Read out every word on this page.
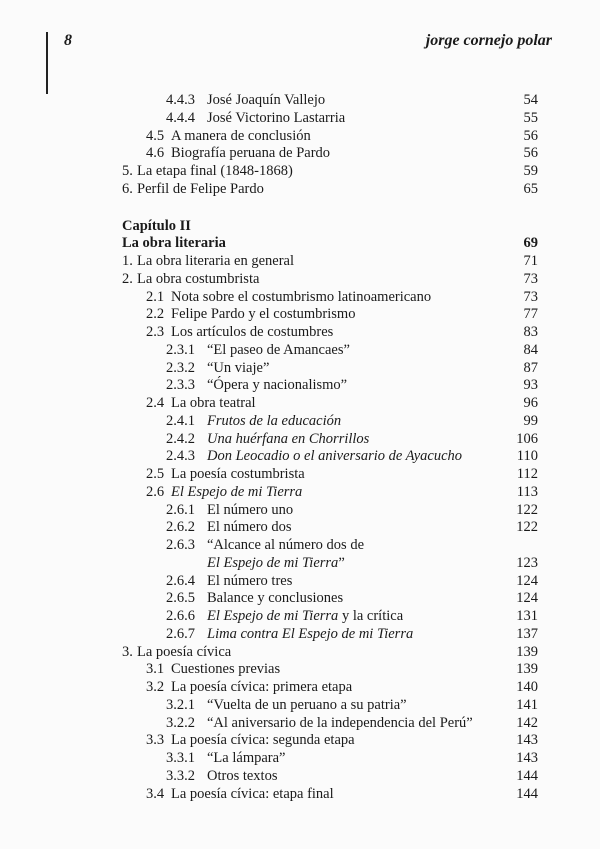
8	jorge cornejo polar
4.4.3 José Joaquín Vallejo	54
4.4.4 José Victorino Lastarria	55
4.5 A manera de conclusión	56
4.6 Biografía peruana de Pardo	56
5. La etapa final (1848-1868)	59
6. Perfil de Felipe Pardo	65
Capítulo II
La obra literaria	69
1. La obra literaria en general	71
2. La obra costumbrista	73
2.1 Nota sobre el costumbrismo latinoamericano	73
2.2 Felipe Pardo y el costumbrismo	77
2.3 Los artículos de costumbres	83
2.3.1 “El paseo de Amancaes”	84
2.3.2 “Un viaje”	87
2.3.3 “Ópera y nacionalismo”	93
2.4 La obra teatral	96
2.4.1 Frutos de la educación	99
2.4.2 Una huérfana en Chorrillos	106
2.4.3 Don Leocadio o el aniversario de Ayacucho	110
2.5 La poesía costumbrista	112
2.6 El Espejo de mi Tierra	113
2.6.1 El número uno	122
2.6.2 El número dos	122
2.6.3 “Alcance al número dos de
El Espejo de mi Tierra”	123
2.6.4 El número tres	124
2.6.5 Balance y conclusiones	124
2.6.6 El Espejo de mi Tierra y la crítica	131
2.6.7 Lima contra El Espejo de mi Tierra	137
3. La poesía cívica	139
3.1 Cuestiones previas	139
3.2 La poesía cívica: primera etapa	140
3.2.1 “Vuelta de un peruano a su patria”	141
3.2.2 “Al aniversario de la independencia del Perú”	142
3.3 La poesía cívica: segunda etapa	143
3.3.1 “La lámpara”	143
3.3.2 Otros textos	144
3.4 La poesía cívica: etapa final	144
